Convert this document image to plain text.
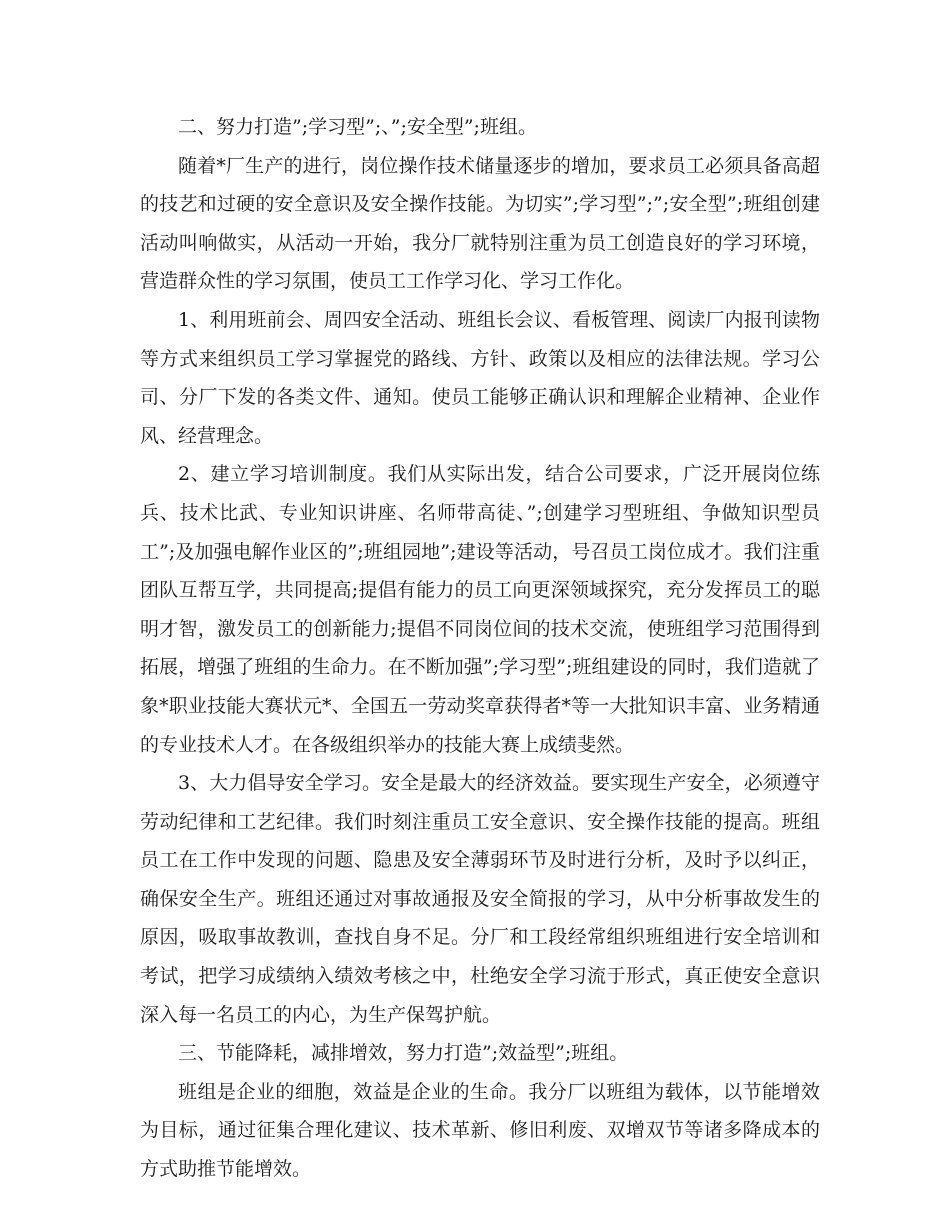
二、努力打造”;学习型”;、”;安全型”;班组。

随着*厂生产的进行，岗位操作技术储量逐步的增加，要求员工必须具备高超的技艺和过硬的安全意识及安全操作技能。为切实”;学习型”;”;安全型”;班组创建活动叫响做实，从活动一开始，我分厂就特别注重为员工创造良好的学习环境，营造群众性的学习氛围，使员工工作学习化、学习工作化。

1、利用班前会、周四安全活动、班组长会议、看板管理、阅读厂内报刊读物等方式来组织员工学习掌握党的路线、方针、政策以及相应的法律法规。学习公司、分厂下发的各类文件、通知。使员工能够正确认识和理解企业精神、企业作风、经营理念。

2、建立学习培训制度。我们从实际出发，结合公司要求，广泛开展岗位练兵、技术比武、专业知识讲座、名师带高徒、”;创建学习型班组、争做知识型员工”;及加强电解作业区的”;班组园地”;建设等活动，号召员工岗位成才。我们注重团队互帮互学，共同提高;提倡有能力的员工向更深领域探究，充分发挥员工的聪明才智，激发员工的创新能力;提倡不同岗位间的技术交流，使班组学习范围得到拓展，增强了班组的生命力。在不断加强”;学习型”;班组建设的同时，我们造就了象*职业技能大赛状元*、全国五一劳动奖章获得者*等一大批知识丰富、业务精通的专业技术人才。在各级组织举办的技能大赛上成绩斐然。

3、大力倡导安全学习。安全是最大的经济效益。要实现生产安全，必须遵守劳动纪律和工艺纪律。我们时刻注重员工安全意识、安全操作技能的提高。班组员工在工作中发现的问题、隐患及安全薄弱环节及时进行分析，及时予以纠正，确保安全生产。班组还通过对事故通报及安全简报的学习，从中分析事故发生的原因，吸取事故教训，查找自身不足。分厂和工段经常组织班组进行安全培训和考试，把学习成绩纳入绩效考核之中，杜绝安全学习流于形式，真正使安全意识深入每一名员工的内心，为生产保驾护航。

三、节能降耗，减排增效，努力打造”;效益型”;班组。

班组是企业的细胞，效益是企业的生命。我分厂以班组为载体，以节能增效为目标，通过征集合理化建议、技术革新、修旧利废、双增双节等诸多降成本的方式助推节能增效。
